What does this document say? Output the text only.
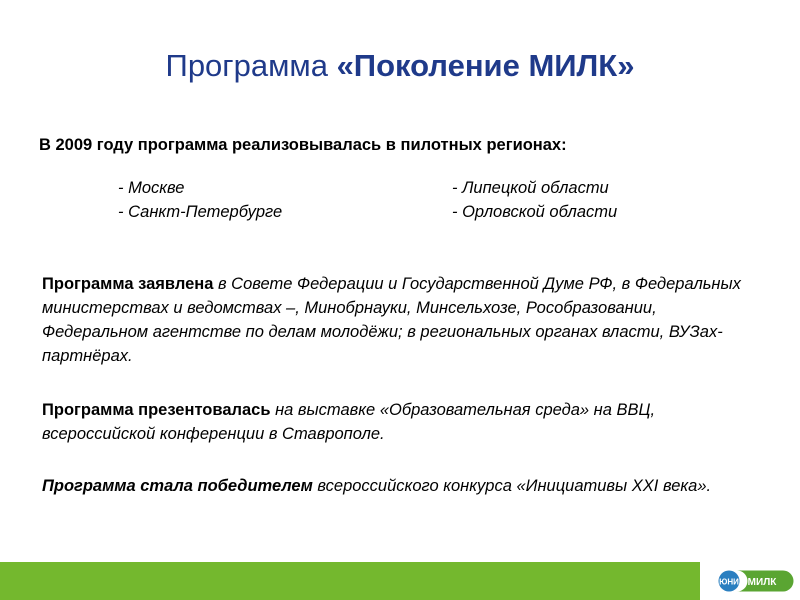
Программа «Поколение МИЛК»
В 2009 году программа реализовывалась в пилотных регионах:
- Москве
- Санкт-Петербурге
- Липецкой области
- Орловской области
Программа заявлена в Совете Федерации и Государственной Думе РФ, в Федеральных министерствах и ведомствах –, Минобрнауки, Минсельхозе, Рособразовании, Федеральном агентстве по делам молодёжи; в региональных органах власти, ВУЗах-партнёрах.
Программа презентовалась на выставке «Образовательная среда» на ВВЦ, всероссийской конференции в Ставрополе.
Программа стала победителем всероссийского конкурса «Инициативы XXI века».
ЮНИ МИЛК
